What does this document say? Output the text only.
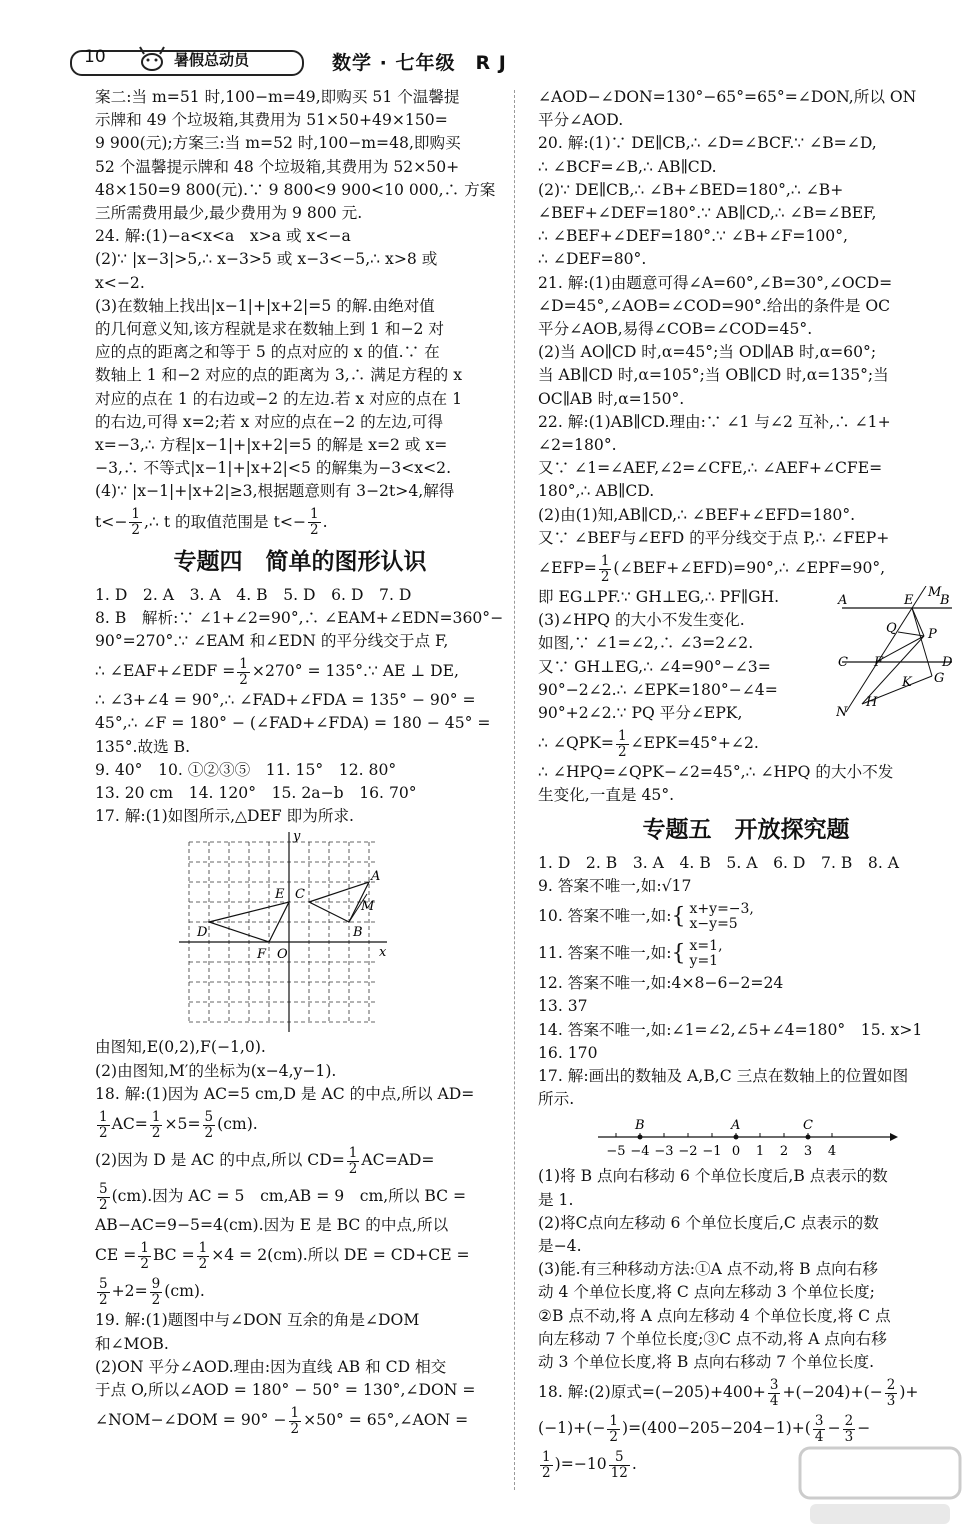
10	暑假总动员	数学 · 七年级　R J
案二:当 m=51 时,100−m=49,即购买 51 个温馨提
示牌和 49 个垃圾箱,其费用为 51×50+49×150=
9 900(元);方案三:当 m=52 时,100−m=48,即购买
52 个温馨提示牌和 48 个垃圾箱,其费用为 52×50+
48×150=9 800(元).∵ 9 800<9 900<10 000,∴ 方案
三所需费用最少,最少费用为 9 800 元.
24. 解:(1)−a<x<a　x>a 或 x<−a
(2)∵ |x−3|>5,∴ x−3>5 或 x−3<−5,∴ x>8 或
x<−2.
(3)在数轴上找出|x−1|+|x+2|=5 的解.由绝对值
的几何意义知,该方程就是求在数轴上到 1 和−2 对
应的点的距离之和等于 5 的点对应的 x 的值.∵ 在
数轴上 1 和−2 对应的点的距离为 3,∴ 满足方程的 x
对应的点在 1 的右边或−2 的左边.若 x 对应的点在 1
的右边,可得 x=2;若 x 对应的点在−2 的左边,可得
x=−3,∴ 方程|x−1|+|x+2|=5 的解是 x=2 或 x=
−3,∴ 不等式|x−1|+|x+2|<5 的解集为−3<x<2.
(4)∵ |x−1|+|x+2|≥3,根据题意则有 3−2t>4,解得
$t<- \frac{1}{2}$ ,∴ t 的取值范围是 $t<- \frac{1}{2}$ .
专题四　简单的图形认识
1. D　2. A　3. A　4. B　5. D　6. D　7. D
8. B　解析:∵ ∠1+∠2=90°,∴ ∠EAM+∠EDN=360°−
90°=270°.∵ ∠EAM 和∠EDN 的平分线交于点 F,
∴ ∠EAF+∠EDF = $\frac{1}{2} \times 270^\circ$ = 135°.∵ AE ⊥ DE,
∴ ∠3+∠4 = 90°,∴ ∠FAD+∠FDA = 135° − 90° =
45°,∴ ∠F = 180° − (∠FAD+∠FDA) = 180 − 45° =
135°.故选 B.
9. 40°　10. ①②③⑤　11. 15°　12. 80°
13. 20 cm　14. 120°　15. 2a−b　16. 70°
17. 解:(1)如图所示,△DEF 即为所求.
y
x
E C
A
M
D	B
F O
由图知,E(0,2),F(−1,0).
(2)由图知,M′的坐标为(x−4,y−1).
18. 解:(1)因为 AC=5 cm,D 是 AC 的中点,所以 AD=
$\frac{1}{2} AC= \frac{1}{2} \times 5= \frac{5}{2} (cm)$.
(2)因为 D 是 AC 的中点,所以 $CD= \frac{1}{2} AC=AD=$
$\frac{5}{2} (cm)$.因为 AC = 5　cm,AB = 9　cm,所以 BC =
AB−AC=9−5=4(cm).因为 E 是 BC 的中点,所以
CE = $\frac{1}{2}$ BC = $\frac{1}{2} \times 4 = 2(cm)$.所以 DE = CD+CE =
$\frac{5}{2} +2= \frac{9}{2} (cm)$.
19. 解:(1)题图中与∠DON 互余的角是∠DOM
和∠MOB.
(2)ON 平分∠AOD.理由:因为直线 AB 和 CD 相交
于点 O,所以∠AOD = 180° − 50° = 130°,∠DON =
∠NOM−∠DOM = $90^\circ - \frac{1}{2} \times 50^\circ$ = 65°,∠AON =
∠AOD−∠DON=130°−65°=65°=∠DON,所以 ON
平分∠AOD.
20. 解:(1)∵ DE∥CB,∴ ∠D=∠BCF.∵ ∠B=∠D,
∴ ∠BCF=∠B,∴ AB∥CD.
(2)∵ DE∥CB,∴ ∠B+∠BED=180°,∴ ∠B+
∠BEF+∠DEF=180°.∵ AB∥CD,∴ ∠B=∠BEF,
∴ ∠BEF+∠DEF=180°.∵ ∠B+∠F=100°,
∴ ∠DEF=80°.
21. 解:(1)由题意可得∠A=60°,∠B=30°,∠OCD=
∠D=45°,∠AOB=∠COD=90°.给出的条件是 OC
平分∠AOB,易得∠COB=∠COD=45°.
(2)当 AO∥CD 时,α=45°;当 OD∥AB 时,α=60°;
当 AB∥CD 时,α=105°;当 OB∥CD 时,α=135°;当
OC∥AB 时,α=150°.
22. 解:(1)AB∥CD.理由:∵ ∠1 与∠2 互补,∴ ∠1+
∠2=180°.
又∵ ∠1=∠AEF,∠2=∠CFE,∴ ∠AEF+∠CFE=
180°,∴ AB∥CD.
(2)由(1)知,AB∥CD,∴ ∠BEF+∠EFD=180°.
又∵ ∠BEF与∠EFD 的平分线交于点 P,∴ ∠FEP+
∠EFP= $\frac{1}{2}$ (∠BEF+∠EFD)=90°,∴ ∠EPF=90°,
即 EG⊥PF.∵ GH⊥EG,∴ PF∥GH.
(3)∠HPQ 的大小不发生变化.
如图,∵ ∠1=∠2,∴ ∠3=2∠2.
又∵ GH⊥EG,∴ ∠4=90°−∠3=
90°−2∠2.∴ ∠EPK=180°−∠4=
90°+2∠2.∵ PQ 平分∠EPK,
∴ ∠QPK= $\frac{1}{2}$ ∠EPK=45°+∠2.
∴ ∠HPQ=∠QPK−∠2=45°,∴ ∠HPQ 的大小不发
生变化,一直是 45°.
专题五　开放探究题
1. D　2. B　3. A　4. B　5. A　6. D　7. B　8. A
9. 答案不唯一,如:√17
10. 答案不唯一,如:{ x+y=−3,
x−y=5
11. 答案不唯一,如:{ x=1,
y=1
12. 答案不唯一,如:4×8−6−2=24
13. 37
14. 答案不唯一,如:∠1=∠2,∠5+∠4=180°　15. x>1
16. 170
17. 解:画出的数轴及 A,B,C 三点在数轴上的位置如图
所示.
−5 −4 −3 −2 −1 0 1 2 3 4
B	A	C
(1)将 B 点向右移动 6 个单位长度后,B 点表示的数
是 1.
(2)将C点向左移动 6 个单位长度后,C 点表示的数
是−4.
(3)能.有三种移动方法:①A 点不动,将 B 点向右移
动 4 个单位长度,将 C 点向左移动 3 个单位长度;
②B 点不动,将 A 点向左移动 4 个单位长度,将 C 点
向左移动 7 个单位长度;③C 点不动,将 A 点向右移
动 3 个单位长度,将 B 点向右移动 7 个单位长度.
18. 解:(2)原式$=(-205)+400+ \frac{3}{4} +(-204)+(- \frac{2}{3}$ )+
$(-1)+(- \frac{1}{2} )=(400-205-204-1)+( \frac{3}{4} - \frac{2}{3}$ −
$\frac{1}{2} )=-10 \frac{5}{12}$ .
M
A	E B
Q P
C F	D
K G
H
N
